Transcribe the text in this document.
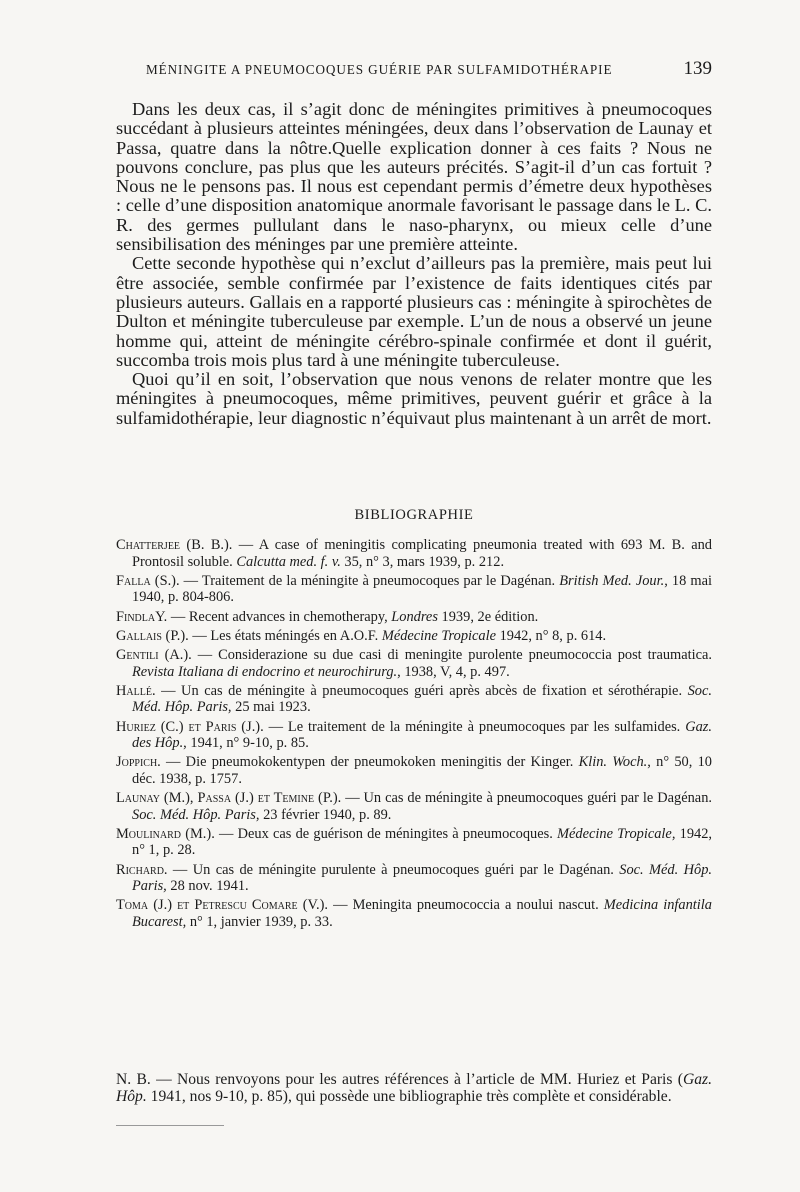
MÉNINGITE A PNEUMOCOQUES GUÉRIE PAR SULFAMIDOTHÉRAPIE	139

Dans les deux cas, il s’agit donc de méningites primitives à pneumocoques succédant à plusieurs atteintes méningées, deux dans l’observation de Launay et Passa, quatre dans la nôtre.Quelle explication donner à ces faits ? Nous ne pouvons conclure, pas plus que les auteurs précités. S’agit-il d’un cas fortuit ? Nous ne le pensons pas. Il nous est cependant permis d’émetre deux hypothèses : celle d’une disposition anatomique anormale favorisant le passage dans le L. C. R. des germes pullulant dans le naso-pharynx, ou mieux celle d’une sensibilisation des méninges par une première atteinte.

Cette seconde hypothèse qui n’exclut d’ailleurs pas la première, mais peut lui être associée, semble confirmée par l’existence de faits identiques cités par plusieurs auteurs. Gallais en a rapporté plusieurs cas : méningite à spirochètes de Dulton et méningite tuberculeuse par exemple. L’un de nous a observé un jeune homme qui, atteint de méningite cérébro-spinale confirmée et dont il guérit, succomba trois mois plus tard à une méningite tuberculeuse.

Quoi qu’il en soit, l’observation que nous venons de relater montre que les méningites à pneumocoques, même primitives, peuvent guérir et grâce à la sulfamidothérapie, leur diagnostic n’équivaut plus maintenant à un arrêt de mort.

BIBLIOGRAPHIE

Chatterjee (B. B.). — A case of meningitis complicating pneumonia treated with 693 M. B. and Prontosil soluble. Calcutta med. f. v. 35, n° 3, mars 1939, p. 212.

Falla (S.). — Traitement de la méningite à pneumocoques par le Dagénan. British Med. Jour., 18 mai 1940, p. 804-806.

FindlaY. — Recent advances in chemotherapy, Londres 1939, 2e édition.

Gallais (P.). — Les états méningés en A.O.F. Médecine Tropicale 1942, n° 8, p. 614.

Gentili (A.). — Considerazione su due casi di meningite purolente pneumococcia post traumatica. Revista Italiana di endocrino et neurochirurg., 1938, V, 4, p. 497.

Hallé. — Un cas de méningite à pneumocoques guéri après abcès de fixation et sérothérapie. Soc. Méd. Hôp. Paris, 25 mai 1923.

Huriez (C.) et Paris (J.). — Le traitement de la méningite à pneumocoques par les sulfamides. Gaz. des Hôp., 1941, n° 9-10, p. 85.

Joppich. — Die pneumokokentypen der pneumokoken meningitis der Kinger. Klin. Woch., n° 50, 10 déc. 1938, p. 1757.

Launay (M.), Passa (J.) et Temine (P.). — Un cas de méningite à pneumocoques guéri par le Dagénan. Soc. Méd. Hôp. Paris, 23 février 1940, p. 89.

Moulinard (M.). — Deux cas de guérison de méningites à pneumocoques. Médecine Tropicale, 1942, n° 1, p. 28.

Richard. — Un cas de méningite purulente à pneumocoques guéri par le Dagénan. Soc. Méd. Hôp. Paris, 28 nov. 1941.

Toma (J.) et Petrescu Comare (V.). — Meningita pneumococcia a noului nascut. Medicina infantila Bucarest, n° 1, janvier 1939, p. 33.

N. B. — Nous renvoyons pour les autres références à l’article de MM. Huriez et Paris (Gaz. Hôp. 1941, nos 9-10, p. 85), qui possède une bibliographie très complète et considérable.
